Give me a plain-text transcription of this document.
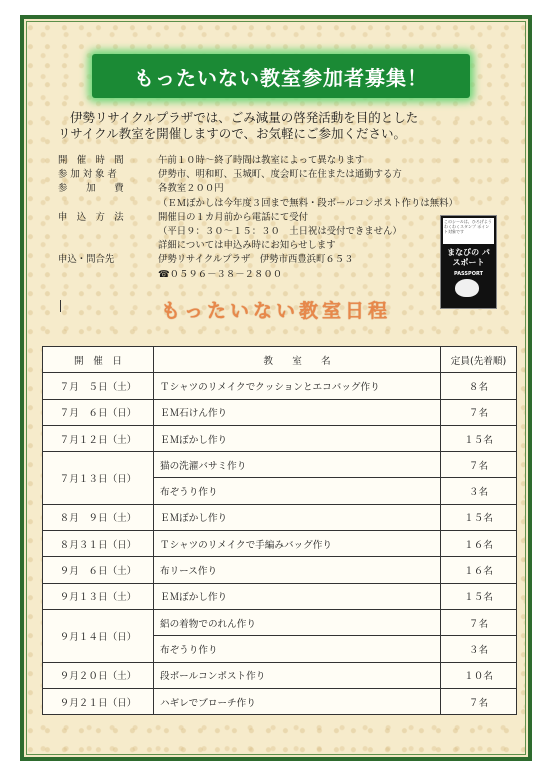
もったいない教室参加者募集！

伊勢リサイクルプラザでは、ごみ減量の啓発活動を目的とした

リサイクル教室を開催しますので、お気軽にご参加ください。

開　催　時　間	午前１０時～終了時間は教室によって異なります
参 加 対 象 者	伊勢市、明和町、玉城町、度会町に在住または通勤する方
参　　加　　費	各教室２００円
（ＥＭぼかしは今年度３回まで無料・段ボールコンポスト作りは無料）
申　込　方　法	開催日の１カ月前から電話にて受付
（平日９：３０～１５：３０　土日祝は受付できません）
詳細については申込み時にお知らせします
申込・問合先	伊勢リサイクルプラザ　伊勢市西豊浜町６５３
☎０５９６－３８－２８００
このシールは、ひろげよう わくわくスタンプ ポイント対象です
まなびの パスポート
PASSPORT
もったいない教室日程
開　催　日	教　　室　　名	定員(先着順)
７月　５日（土）	Ｔシャツのリメイクでクッションとエコバッグ作り	８名
７月　６日（日）	ＥＭ石けん作り	７名
７月１２日（土）	ＥＭぼかし作り	１５名
７月１３日（日）	猫の洗濯バサミ作り	７名
	布ぞうり作り	３名
８月　９日（土）	ＥＭぼかし作り	１５名
８月３１日（日）	Ｔシャツのリメイクで手編みバッグ作り	１６名
９月　６日（土）	布リース作り	１６名
９月１３日（土）	ＥＭぼかし作り	１５名
９月１４日（日）	絽の着物でのれん作り	７名
	布ぞうり作り	３名
９月２０日（土）	段ボールコンポスト作り	１０名
９月２１日（日）	ハギレでブローチ作り	７名
